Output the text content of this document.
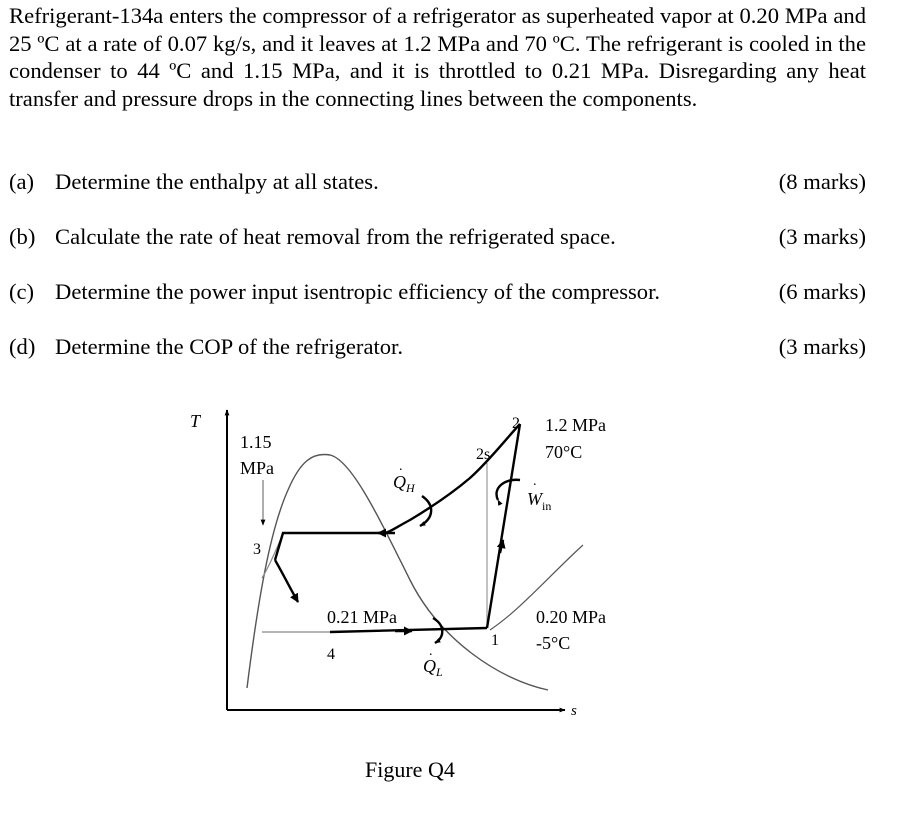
Refrigerant-134a enters the compressor of a refrigerator as superheated vapor at 0.20 MPa and 25 ºC at a rate of 0.07 kg/s, and it leaves at 1.2 MPa and 70 ºC. The refrigerant is cooled in the condenser to 44 ºC and 1.15 MPa, and it is throttled to 0.21 MPa. Disregarding any heat transfer and pressure drops in the connecting lines between the components.

(a) Determine the enthalpy at all states.	(8 marks)
(b) Calculate the rate of heat removal from the refrigerated space.	(3 marks)
(c) Determine the power input isentropic efficiency of the compressor.	(6 marks)
(d) Determine the COP of the refrigerator.	(3 marks)
T
s
1.15
MPa
2 1.2 MPa
70°C
2s
$Q_H$
.
$W_{in}$
.
3
0.21 MPa
4
1
$Q_L$
.
0.20 MPa
-5°C
Figure Q4
